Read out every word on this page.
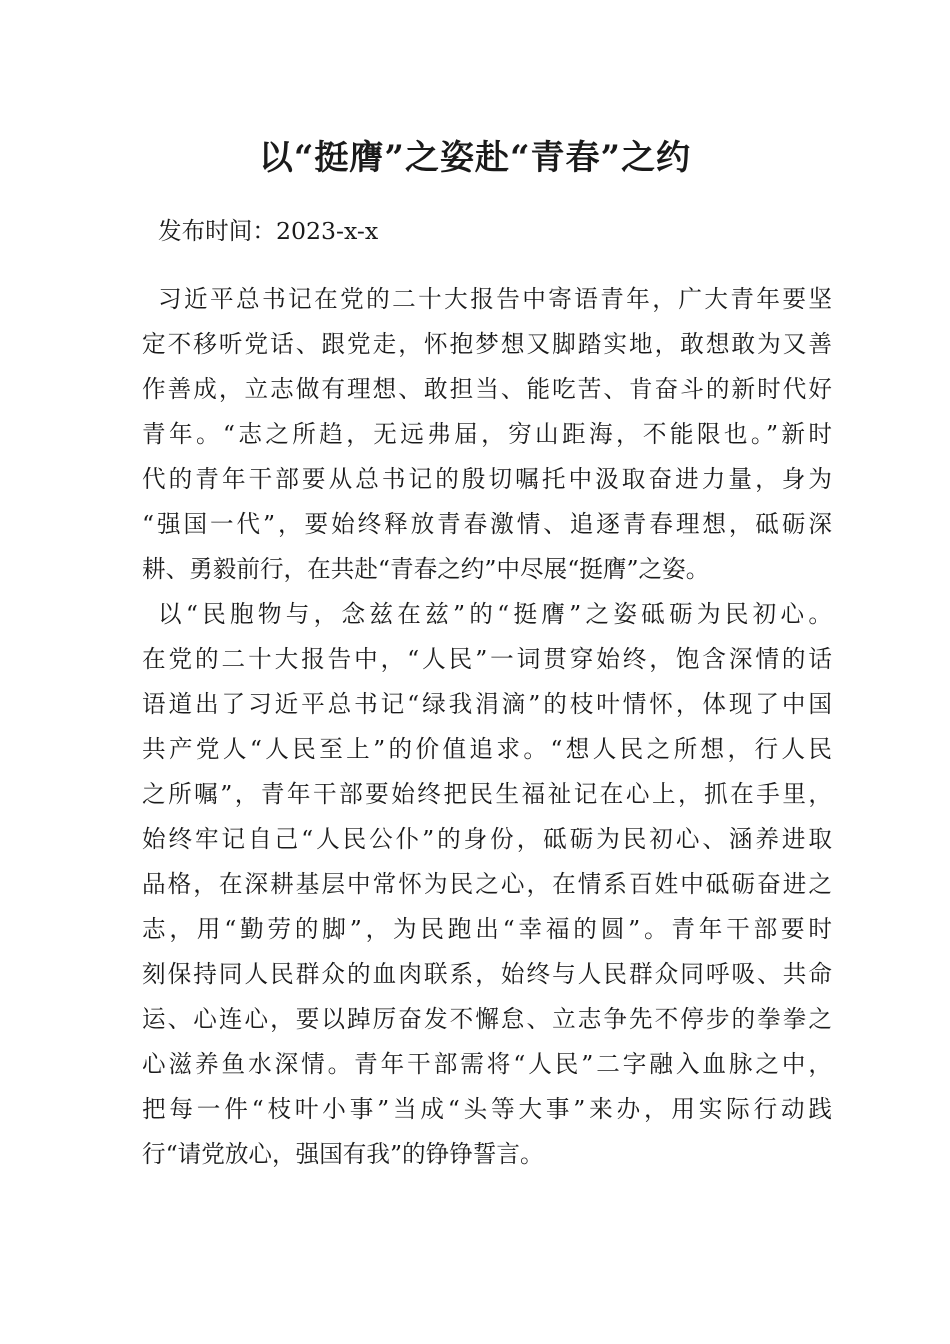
以“挺膺”之姿赴“青春”之约

发布时间：2023-x-x

习近平总书记在党的二十大报告中寄语青年，广大青年要坚

定不移听党话、跟党走，怀抱梦想又脚踏实地，敢想敢为又善

作善成，立志做有理想、敢担当、能吃苦、肯奋斗的新时代好

青年。“志之所趋，无远弗届，穷山距海，不能限也。”新时

代的青年干部要从总书记的殷切嘱托中汲取奋进力量，身为

“强国一代”，要始终释放青春激情、追逐青春理想，砥砺深

耕、勇毅前行，在共赴“青春之约”中尽展“挺膺”之姿。

以“民胞物与，念兹在兹”的“挺膺”之姿砥砺为民初心。

在党的二十大报告中，“人民”一词贯穿始终，饱含深情的话

语道出了习近平总书记“绿我涓滴”的枝叶情怀，体现了中国

共产党人“人民至上”的价值追求。“想人民之所想，行人民

之所嘱”，青年干部要始终把民生福祉记在心上，抓在手里，

始终牢记自己“人民公仆”的身份，砥砺为民初心、涵养进取

品格，在深耕基层中常怀为民之心，在情系百姓中砥砺奋进之

志，用“勤劳的脚”，为民跑出“幸福的圆”。青年干部要时

刻保持同人民群众的血肉联系，始终与人民群众同呼吸、共命

运、心连心，要以踔厉奋发不懈怠、立志争先不停步的拳拳之

心滋养鱼水深情。青年干部需将“人民”二字融入血脉之中，

把每一件“枝叶小事”当成“头等大事”来办，用实际行动践

行“请党放心，强国有我”的铮铮誓言。
